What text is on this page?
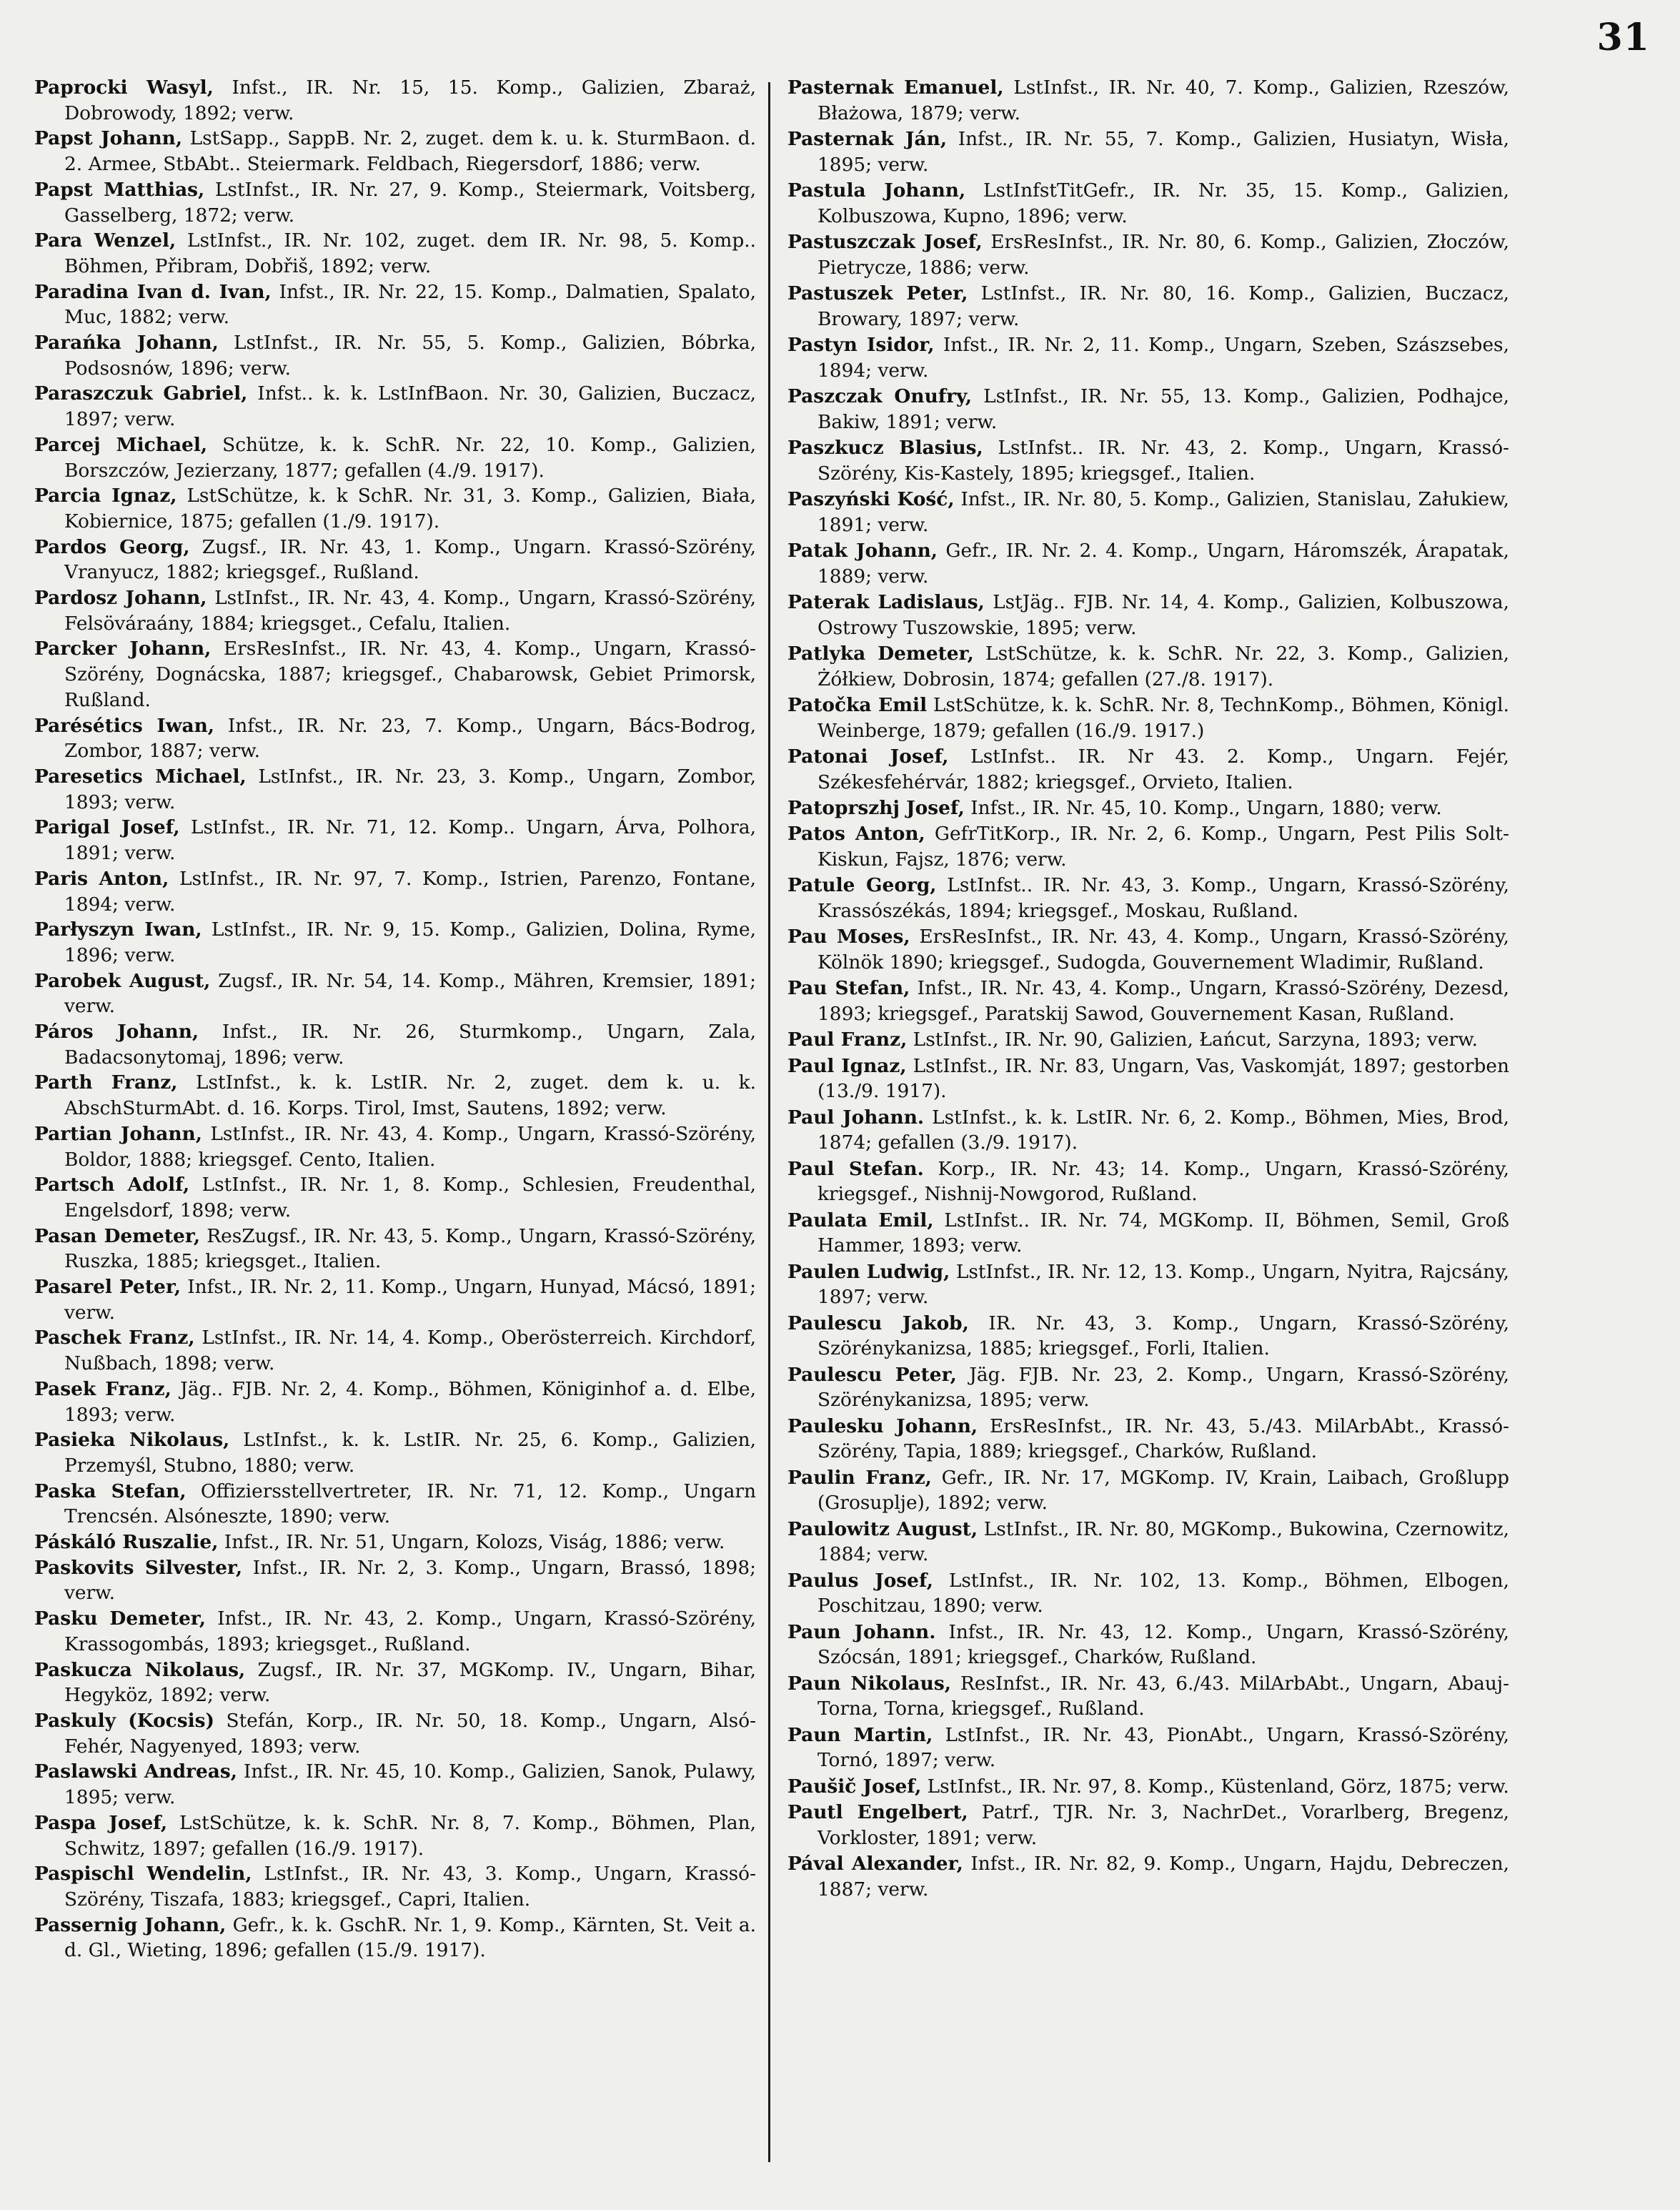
31

Paprocki Wasyl, Infst., IR. Nr. 15, 15. Komp., Galizien, Zbaraż, Dobrowody, 1892; verw.

Papst Johann, LstSapp., SappB. Nr. 2, zuget. dem k. u. k. SturmBaon. d. 2. Armee, StbAbt.. Steiermark. Feldbach, Riegersdorf, 1886; verw.

Papst Matthias, LstInfst., IR. Nr. 27, 9. Komp., Steiermark, Voitsberg, Gasselberg, 1872; verw.

Para Wenzel, LstInfst., IR. Nr. 102, zuget. dem IR. Nr. 98, 5. Komp.. Böhmen, Přibram, Dobřiš, 1892; verw.

Paradina Ivan d. Ivan, Infst., IR. Nr. 22, 15. Komp., Dalmatien, Spalato, Muc, 1882; verw.

Parańka Johann, LstInfst., IR. Nr. 55, 5. Komp., Galizien, Bóbrka, Podsosnów, 1896; verw.

Paraszczuk Gabriel, Infst.. k. k. LstInfBaon. Nr. 30, Galizien, Buczacz, 1897; verw.

Parcej Michael, Schütze, k. k. SchR. Nr. 22, 10. Komp., Galizien, Borszczów, Jezierzany, 1877; gefallen (4./9. 1917).

Parcia Ignaz, LstSchütze, k. k SchR. Nr. 31, 3. Komp., Galizien, Biała, Kobiernice, 1875; gefallen (1./9. 1917).

Pardos Georg, Zugsf., IR. Nr. 43, 1. Komp., Ungarn. Krassó-Szörény, Vranyucz, 1882; kriegsgef., Rußland.

Pardosz Johann, LstInfst., IR. Nr. 43, 4. Komp., Ungarn, Krassó-Szörény, Felsöváraány, 1884; kriegsget., Cefalu, Italien.

Parcker Johann, ErsResInfst., IR. Nr. 43, 4. Komp., Ungarn, Krassó-Szörény, Dognácska, 1887; kriegsgef., Chabarowsk, Gebiet Primorsk, Rußland.

Parésétics Iwan, Infst., IR. Nr. 23, 7. Komp., Ungarn, Bács-Bodrog, Zombor, 1887; verw.

Paresetics Michael, LstInfst., IR. Nr. 23, 3. Komp., Ungarn, Zombor, 1893; verw.

Parigal Josef, LstInfst., IR. Nr. 71, 12. Komp.. Ungarn, Árva, Polhora, 1891; verw.

Paris Anton, LstInfst., IR. Nr. 97, 7. Komp., Istrien, Parenzo, Fontane, 1894; verw.

Parłyszyn Iwan, LstInfst., IR. Nr. 9, 15. Komp., Galizien, Dolina, Ryme, 1896; verw.

Parobek August, Zugsf., IR. Nr. 54, 14. Komp., Mähren, Kremsier, 1891; verw.

Páros Johann, Infst., IR. Nr. 26, Sturmkomp., Ungarn, Zala, Badacsonytomaj, 1896; verw.

Parth Franz, LstInfst., k. k. LstIR. Nr. 2, zuget. dem k. u. k. AbschSturmAbt. d. 16. Korps. Tirol, Imst, Sautens, 1892; verw.

Partian Johann, LstInfst., IR. Nr. 43, 4. Komp., Ungarn, Krassó-Szörény, Boldor, 1888; kriegsgef. Cento, Italien.

Partsch Adolf, LstInfst., IR. Nr. 1, 8. Komp., Schlesien, Freudenthal, Engelsdorf, 1898; verw.

Pasan Demeter, ResZugsf., IR. Nr. 43, 5. Komp., Ungarn, Krassó-Szörény, Ruszka, 1885; kriegsget., Italien.

Pasarel Peter, Infst., IR. Nr. 2, 11. Komp., Ungarn, Hunyad, Mácsó, 1891; verw.

Paschek Franz, LstInfst., IR. Nr. 14, 4. Komp., Oberösterreich. Kirchdorf, Nußbach, 1898; verw.

Pasek Franz, Jäg.. FJB. Nr. 2, 4. Komp., Böhmen, Königinhof a. d. Elbe, 1893; verw.

Pasieka Nikolaus, LstInfst., k. k. LstIR. Nr. 25, 6. Komp., Galizien, Przemyśl, Stubno, 1880; verw.

Paska Stefan, Offiziersstellvertreter, IR. Nr. 71, 12. Komp., Ungarn Trencsén. Alsóneszte, 1890; verw.

Páskáló Ruszalie, Infst., IR. Nr. 51, Ungarn, Kolozs, Viság, 1886; verw.

Paskovits Silvester, Infst., IR. Nr. 2, 3. Komp., Ungarn, Brassó, 1898; verw.

Pasku Demeter, Infst., IR. Nr. 43, 2. Komp., Ungarn, Krassó-Szörény, Krassogombás, 1893; kriegsget., Rußland.

Paskucza Nikolaus, Zugsf., IR. Nr. 37, MGKomp. IV., Ungarn, Bihar, Hegyköz, 1892; verw.

Paskuly (Kocsis) Stefán, Korp., IR. Nr. 50, 18. Komp., Ungarn, Alsó-Fehér, Nagyenyed, 1893; verw.

Paslawski Andreas, Infst., IR. Nr. 45, 10. Komp., Galizien, Sanok, Pulawy, 1895; verw.

Paspa Josef, LstSchütze, k. k. SchR. Nr. 8, 7. Komp., Böhmen, Plan, Schwitz, 1897; gefallen (16./9. 1917).

Paspischl Wendelin, LstInfst., IR. Nr. 43, 3. Komp., Ungarn, Krassó-Szörény, Tiszafa, 1883; kriegsgef., Capri, Italien.

Passernig Johann, Gefr., k. k. GschR. Nr. 1, 9. Komp., Kärnten, St. Veit a. d. Gl., Wieting, 1896; gefallen (15./9. 1917).

Pasternak Emanuel, LstInfst., IR. Nr. 40, 7. Komp., Galizien, Rzeszów, Błażowa, 1879; verw.

Pasternak Ján, Infst., IR. Nr. 55, 7. Komp., Galizien, Husiatyn, Wisła, 1895; verw.

Pastula Johann, LstInfstTitGefr., IR. Nr. 35, 15. Komp., Galizien, Kolbuszowa, Kupno, 1896; verw.

Pastuszczak Josef, ErsResInfst., IR. Nr. 80, 6. Komp., Galizien, Złoczów, Pietrycze, 1886; verw.

Pastuszek Peter, LstInfst., IR. Nr. 80, 16. Komp., Galizien, Buczacz, Browary, 1897; verw.

Pastyn Isidor, Infst., IR. Nr. 2, 11. Komp., Ungarn, Szeben, Szászsebes, 1894; verw.

Paszczak Onufry, LstInfst., IR. Nr. 55, 13. Komp., Galizien, Podhajce, Bakiw, 1891; verw.

Paszkucz Blasius, LstInfst.. IR. Nr. 43, 2. Komp., Ungarn, Krassó-Szörény, Kis-Kastely, 1895; kriegsgef., Italien.

Paszyński Kość, Infst., IR. Nr. 80, 5. Komp., Galizien, Stanislau, Załukiew, 1891; verw.

Patak Johann, Gefr., IR. Nr. 2. 4. Komp., Ungarn, Háromszék, Árapatak, 1889; verw.

Paterak Ladislaus, LstJäg.. FJB. Nr. 14, 4. Komp., Galizien, Kolbuszowa, Ostrowy Tuszowskie, 1895; verw.

Patlyka Demeter, LstSchütze, k. k. SchR. Nr. 22, 3. Komp., Galizien, Żółkiew, Dobrosin, 1874; gefallen (27./8. 1917).

Patočka Emil LstSchütze, k. k. SchR. Nr. 8, TechnKomp., Böhmen, Königl. Weinberge, 1879; gefallen (16./9. 1917.)

Patonai Josef, LstInfst.. IR. Nr 43. 2. Komp., Ungarn. Fejér, Székesfehérvár, 1882; kriegsgef., Orvieto, Italien.

Patoprszhj Josef, Infst., IR. Nr. 45, 10. Komp., Ungarn, 1880; verw.

Patos Anton, GefrTitKorp., IR. Nr. 2, 6. Komp., Ungarn, Pest Pilis Solt-Kiskun, Fajsz, 1876; verw.

Patule Georg, LstInfst.. IR. Nr. 43, 3. Komp., Ungarn, Krassó-Szörény, Krassószékás, 1894; kriegsgef., Moskau, Rußland.

Pau Moses, ErsResInfst., IR. Nr. 43, 4. Komp., Ungarn, Krassó-Szörény, Kölnök 1890; kriegsgef., Sudogda, Gouvernement Wladimir, Rußland.

Pau Stefan, Infst., IR. Nr. 43, 4. Komp., Ungarn, Krassó-Szörény, Dezesd, 1893; kriegsgef., Paratskij Sawod, Gouvernement Kasan, Rußland.

Paul Franz, LstInfst., IR. Nr. 90, Galizien, Łańcut, Sarzyna, 1893; verw.

Paul Ignaz, LstInfst., IR. Nr. 83, Ungarn, Vas, Vaskomját, 1897; gestorben (13./9. 1917).

Paul Johann. LstInfst., k. k. LstIR. Nr. 6, 2. Komp., Böhmen, Mies, Brod, 1874; gefallen (3./9. 1917).

Paul Stefan. Korp., IR. Nr. 43; 14. Komp., Ungarn, Krassó-Szörény, kriegsgef., Nishnij-Nowgorod, Rußland.

Paulata Emil, LstInfst.. IR. Nr. 74, MGKomp. II, Böhmen, Semil, Groß Hammer, 1893; verw.

Paulen Ludwig, LstInfst., IR. Nr. 12, 13. Komp., Ungarn, Nyitra, Rajcsány, 1897; verw.

Paulescu Jakob, IR. Nr. 43, 3. Komp., Ungarn, Krassó-Szörény, Szörénykanizsa, 1885; kriegsgef., Forli, Italien.

Paulescu Peter, Jäg. FJB. Nr. 23, 2. Komp., Ungarn, Krassó-Szörény, Szörénykanizsa, 1895; verw.

Paulesku Johann, ErsResInfst., IR. Nr. 43, 5./43. MilArbAbt., Krassó-Szörény, Tapia, 1889; kriegsgef., Charków, Rußland.

Paulin Franz, Gefr., IR. Nr. 17, MGKomp. IV, Krain, Laibach, Großlupp (Grosuplje), 1892; verw.

Paulowitz August, LstInfst., IR. Nr. 80, MGKomp., Bukowina, Czernowitz, 1884; verw.

Paulus Josef, LstInfst., IR. Nr. 102, 13. Komp., Böhmen, Elbogen, Poschitzau, 1890; verw.

Paun Johann. Infst., IR. Nr. 43, 12. Komp., Ungarn, Krassó-Szörény, Szócsán, 1891; kriegsgef., Charków, Rußland.

Paun Nikolaus, ResInfst., IR. Nr. 43, 6./43. MilArbAbt., Ungarn, Abauj-Torna, Torna, kriegsgef., Rußland.

Paun Martin, LstInfst., IR. Nr. 43, PionAbt., Ungarn, Krassó-Szörény, Tornó, 1897; verw.

Paušič Josef, LstInfst., IR. Nr. 97, 8. Komp., Küstenland, Görz, 1875; verw.

Pautl Engelbert, Patrf., TJR. Nr. 3, NachrDet., Vorarlberg, Bregenz, Vorkloster, 1891; verw.

Pával Alexander, Infst., IR. Nr. 82, 9. Komp., Ungarn, Hajdu, Debreczen, 1887; verw.
